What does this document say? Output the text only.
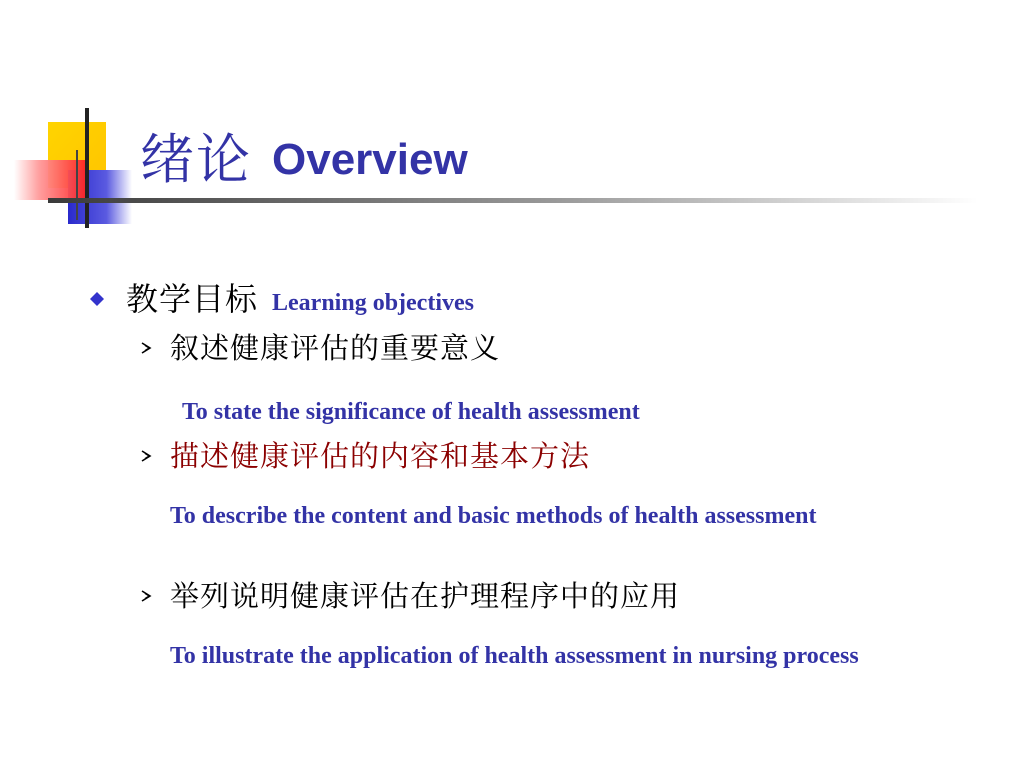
绪论 Overview
教学目标 Learning objectives
叙述健康评估的重要意义
To state the significance of health assessment
描述健康评估的内容和基本方法
To describe the content and basic methods of health assessment
举列说明健康评估在护理程序中的应用
To illustrate the application of health assessment in nursing process
